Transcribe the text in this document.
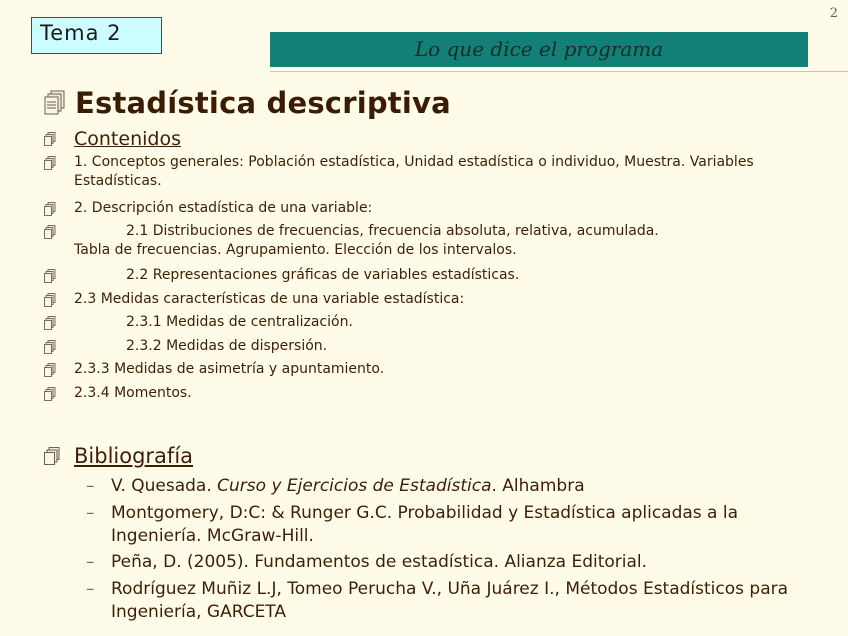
2
Tema 2
Lo que dice el programa
Estadística descriptiva
Contenidos
1. Conceptos generales: Población estadística, Unidad estadística o individuo, Muestra. Variables Estadísticas.
2. Descripción estadística de una variable:
2.1 Distribuciones de frecuencias, frecuencia absoluta, relativa, acumulada.
Tabla de frecuencias. Agrupamiento. Elección de los intervalos.
2.2 Representaciones gráficas de variables estadísticas.
2.3 Medidas características de una variable estadística:
2.3.1 Medidas de centralización.
2.3.2 Medidas de dispersión.
2.3.3 Medidas de asimetría y apuntamiento.
2.3.4 Momentos.
Bibliografía
– V. Quesada. Curso y Ejercicios de Estadística. Alhambra
– Montgomery, D:C: & Runger G.C. Probabilidad y Estadística aplicadas a la Ingeniería. McGraw-Hill.
– Peña, D. (2005). Fundamentos de estadística. Alianza Editorial.
– Rodríguez Muñiz L.J, Tomeo Perucha V., Uña Juárez I., Métodos Estadísticos para Ingeniería, GARCETA
